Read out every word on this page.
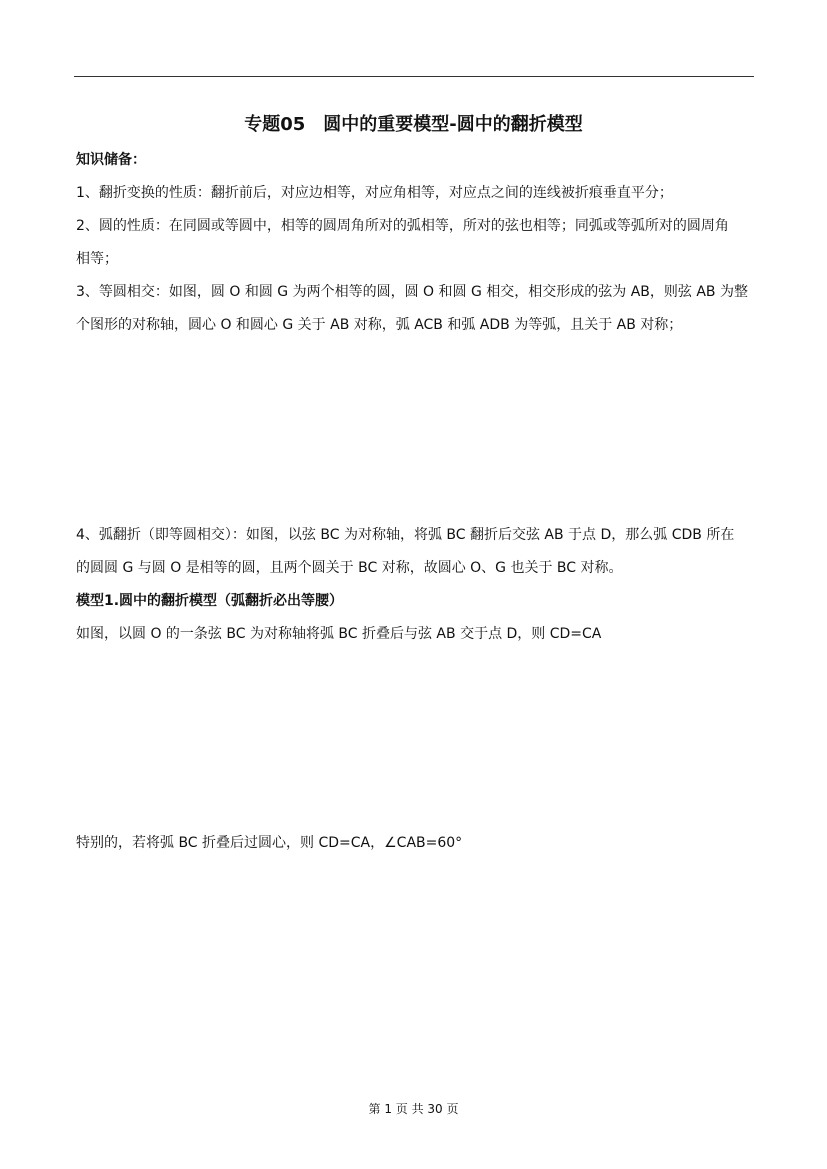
专题05　圆中的重要模型-圆中的翻折模型
知识储备：
1、翻折变换的性质：翻折前后，对应边相等，对应角相等，对应点之间的连线被折痕垂直平分；
2、圆的性质：在同圆或等圆中，相等的圆周角所对的弧相等，所对的弦也相等；同弧或等弧所对的圆周角
相等；
3、等圆相交：如图，圆 O 和圆 G 为两个相等的圆，圆 O 和圆 G 相交，相交形成的弦为 AB，则弦 AB 为整
个图形的对称轴，圆心 O 和圆心 G 关于 AB 对称，弧 ACB 和弧 ADB 为等弧，且关于 AB 对称；
A
B
C	D
O	G
C
A	B
D
O
G
4、弧翻折（即等圆相交）：如图，以弦 BC 为对称轴，将弧 BC 翻折后交弦 AB 于点 D，那么弧 CDB 所在
的圆圆 G 与圆 O 是相等的圆，且两个圆关于 BC 对称，故圆心 O、G 也关于 BC 对称。
模型1.圆中的翻折模型（弧翻折必出等腰）
如图，以圆 O 的一条弦 BC 为对称轴将弧 BC 折叠后与弦 AB 交于点 D，则 CD=CA
C
A	B
D
O
G
C
A	B
D
O
特别的，若将弧 BC 折叠后过圆心，则 CD=CA，∠CAB=60°
C	D
A	B
O
C
D
A	B
O
第 1 页 共 30 页
